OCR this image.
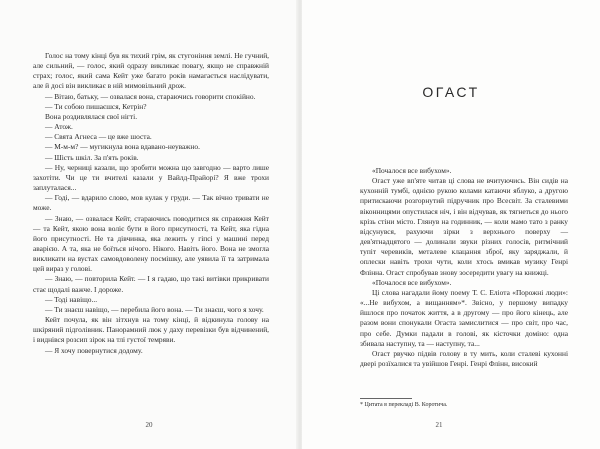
Голос на тому кінці був як тихий грім, як стугоніння землі. Не гучний, але сильний, — голос, який одразу викликає повагу, якщо не справжній страх; голос, який сама Кейт уже багато років намагається наслідувати, але й досі він викликає в ній мимовільний дрож.

— Вітаю, батьку, — озвалася вона, стараючись говорити спокійно.

— Ти собою пишаєшся, Кетрін?

Вона роздивлялася свої нігті.

— Атож.

— Свята Агнеса — це вже шоста.

— М-м-м? — мугикнула вона вдавано-неуважно.

— Шість шкіл. За п'ять років.

— Ну, черниці казали, що зробити можна що завгодно — варто лише захотіти. Чи це ти вчителі казали у Вайлд-Прайорі? Я вже трохи заплуталася...

— Годі, — вдарило слово, мов кулак у груди. — Так вічно тривати не може.

— Знаю, — озвалася Кейт, стараючись поводитися як справжня Кейт — та Кейт, якою вона воліє бути в його присутності, та Кейт, яка гідна його присутності. Не та дівчинка, яка лежить у гіпсі у машині перед аварією. А та, яка не боїться нічого. Нікого. Навіть його. Вона не змогла викликати на вустах самовдоволену посмішку, але уявила її та затримала цей вираз у голові.

— Знаю, — повторила Кейт. — І я гадаю, що такі витівки прикривати стає щодалі важче. І дороже.

— Тоді навіщо...

— Ти знаєш навіщо, — перебила його вона. — Ти знаєш, чого я хочу.

Кейт почула, як він зітхнув на тому кінці, й відкинула голову на шкіряний підголівник. Панорамний люк у даху перевізки був відчинений, і виднівся розсип зірок на тлі густої темряви.

— Я хочу повернутися додому.

20
ОГАСТ

«Почалося все вибухом».

Огаст уже вп'яте читав ці слова не вчитуючись. Він сидів на кухонній тумбі, однією рукою колами катаючи яблуко, а другою притискаючи розгорнутий підручник про Всесвіт. За сталевими віконницями опустилася ніч, і він відчував, як тягнеться до нього крізь стіни місто. Глянув на годинник, — коли мамо тато з ранку відсунувся, рахуючи зірки з верхнього поверху — дев'ятнадцятого — долинали звуки різних голосів, ритмічний тупіт черевиків, металеве клацання зброї, яку заряджали, й оплески навіть трохи чути, коли хтось вмикав музику Генрі Флінна. Огаст спробував знову зосередити увагу на книжці.

«Почалося все вибухом».

Ці слова нагадали йому поему Т. С. Еліота «Порожні люди»: «...Не вибухом, а вищанням»*. Звісно, у першому випадку йшлося про початок життя, а в другому — про його кінець, але разом вони спонукали Огаста замислитися — про світ, про час, про себе. Думки падали в голові, як кісточки доміно: одна збивала наступну, та — наступну, та...

Огаст рвучко підвів голову в ту мить, коли сталеві кухонні двері розїхалися та увійшов Генрі. Генрі Флінн, високий

* Цитата в перекладі В. Коротича.
21
